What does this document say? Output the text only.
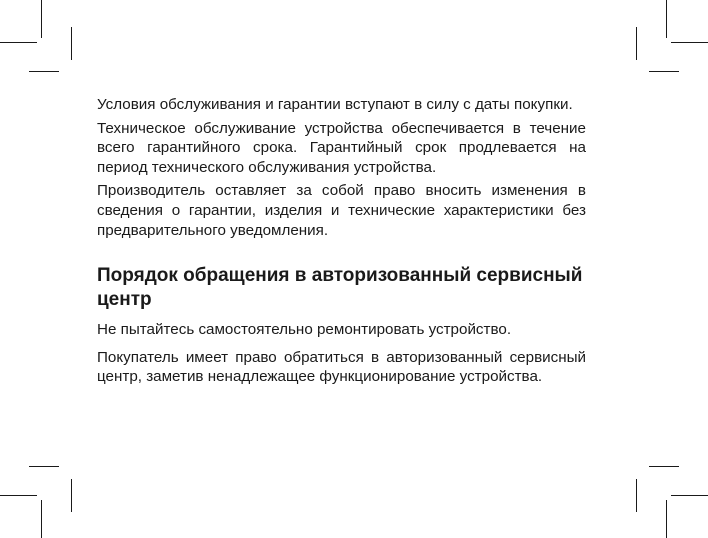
Условия обслуживания и гарантии вступают в силу с даты покупки.

Техническое обслуживание устройства обеспечивается в течение всего гарантийного срока. Гарантийный срок продлевается на период технического обслуживания устройства.

Производитель оставляет за собой право вносить изменения в сведения о гарантии, изделия и технические характеристики без предварительного уведомления.

Порядок обращения в авторизованный сервисный центр

Не пытайтесь самостоятельно ремонтировать устройство.

Покупатель имеет право обратиться в авторизованный сервисный центр, заметив ненадлежащее функционирование устройства.
